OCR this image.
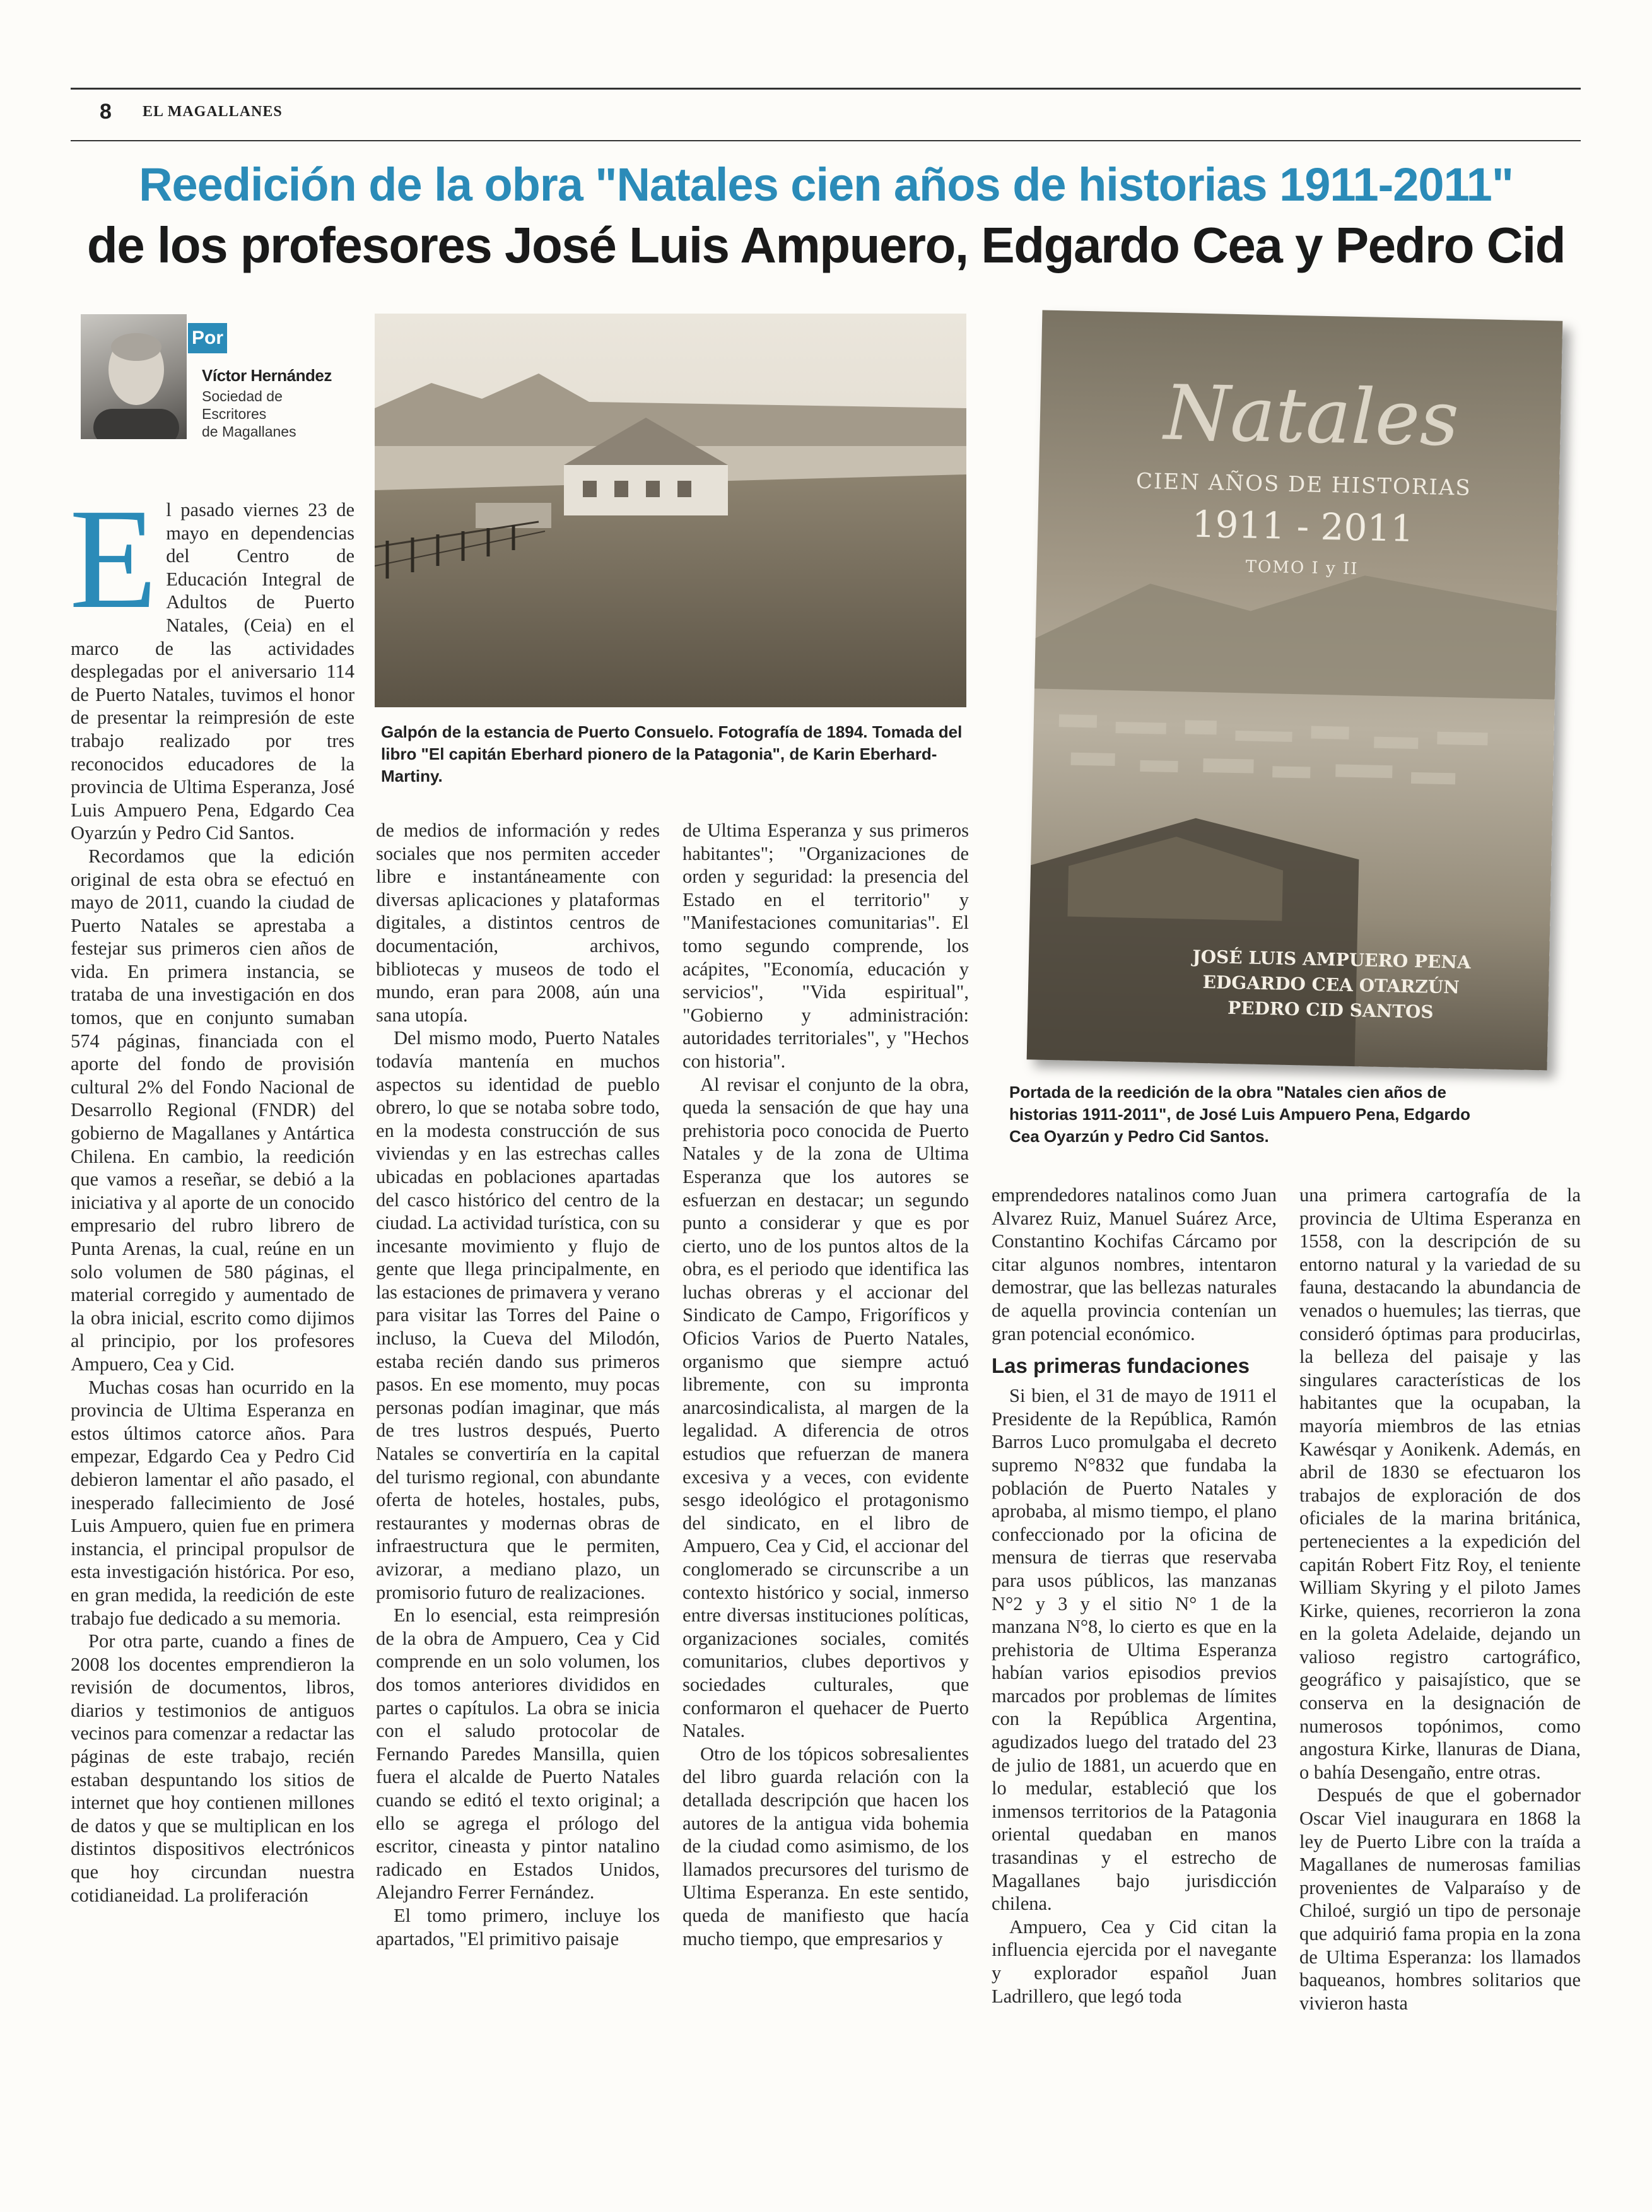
8 EL MAGALLANES
Reedición de la obra "Natales cien años de historias 1911-2011"
de los profesores José Luis Ampuero, Edgardo Cea y Pedro Cid
Por
Víctor Hernández
Sociedad de
Escritores
de Magallanes
Galpón de la estancia de Puerto Consuelo. Fotografía de 1894. Tomada del libro "El capitán Eberhard pionero de la Patagonia", de Karin Eberhard-Martiny.
Natales
CIEN AÑOS DE HISTORIAS
1911 - 2011
TOMO I y II
JOSÉ LUIS AMPUERO PENA
EDGARDO CEA OTARZÚN
PEDRO CID SANTOS
Portada de la reedición de la obra "Natales cien años de historias 1911-2011", de José Luis Ampuero Pena, Edgardo Cea Oyarzún y Pedro Cid Santos.

El pasado viernes 23 de mayo en dependencias del Centro de Educación Integral de Adultos de Puerto Natales, (Ceia) en el marco de las actividades desplegadas por el aniversario 114 de Puerto Natales, tuvimos el honor de presentar la reimpresión de este trabajo realizado por tres reconocidos educadores de la provincia de Ultima Esperanza, José Luis Ampuero Pena, Edgardo Cea Oyarzún y Pedro Cid Santos.

Recordamos que la edición original de esta obra se efectuó en mayo de 2011, cuando la ciudad de Puerto Natales se aprestaba a festejar sus primeros cien años de vida. En primera instancia, se trataba de una investigación en dos tomos, que en conjunto sumaban 574 páginas, financiada con el aporte del fondo de provisión cultural 2% del Fondo Nacional de Desarrollo Regional (FNDR) del gobierno de Magallanes y Antártica Chilena. En cambio, la reedición que vamos a reseñar, se debió a la iniciativa y al aporte de un conocido empresario del rubro librero de Punta Arenas, la cual, reúne en un solo volumen de 580 páginas, el material corregido y aumentado de la obra inicial, escrito como dijimos al principio, por los profesores Ampuero, Cea y Cid.

Muchas cosas han ocurrido en la provincia de Ultima Esperanza en estos últimos catorce años. Para empezar, Edgardo Cea y Pedro Cid debieron lamentar el año pasado, el inesperado fallecimiento de José Luis Ampuero, quien fue en primera instancia, el principal propulsor de esta investigación histórica. Por eso, en gran medida, la reedición de este trabajo fue dedicado a su memoria.

Por otra parte, cuando a fines de 2008 los docentes emprendieron la revisión de documentos, libros, diarios y testimonios de antiguos vecinos para comenzar a redactar las páginas de este trabajo, recién estaban despuntando los sitios de internet que hoy contienen millones de datos y que se multiplican en los distintos dispositivos electrónicos que hoy circundan nuestra cotidianeidad. La proliferación

de medios de información y redes sociales que nos permiten acceder libre e instantáneamente con diversas aplicaciones y plataformas digitales, a distintos centros de documentación, archivos, bibliotecas y museos de todo el mundo, eran para 2008, aún una sana utopía.

Del mismo modo, Puerto Natales todavía mantenía en muchos aspectos su identidad de pueblo obrero, lo que se notaba sobre todo, en la modesta construcción de sus viviendas y en las estrechas calles ubicadas en poblaciones apartadas del casco histórico del centro de la ciudad. La actividad turística, con su incesante movimiento y flujo de gente que llega principalmente, en las estaciones de primavera y verano para visitar las Torres del Paine o incluso, la Cueva del Milodón, estaba recién dando sus primeros pasos. En ese momento, muy pocas personas podían imaginar, que más de tres lustros después, Puerto Natales se convertiría en la capital del turismo regional, con abundante oferta de hoteles, hostales, pubs, restaurantes y modernas obras de infraestructura que le permiten, avizorar, a mediano plazo, un promisorio futuro de realizaciones.

En lo esencial, esta reimpresión de la obra de Ampuero, Cea y Cid comprende en un solo volumen, los dos tomos anteriores divididos en partes o capítulos. La obra se inicia con el saludo protocolar de Fernando Paredes Mansilla, quien fuera el alcalde de Puerto Natales cuando se editó el texto original; a ello se agrega el prólogo del escritor, cineasta y pintor natalino radicado en Estados Unidos, Alejandro Ferrer Fernández.

El tomo primero, incluye los apartados, "El primitivo paisaje

de Ultima Esperanza y sus primeros habitantes"; "Organizaciones de orden y seguridad: la presencia del Estado en el territorio" y "Manifestaciones comunitarias". El tomo segundo comprende, los acápites, "Economía, educación y servicios", "Vida espiritual", "Gobierno y administración: autoridades territoriales", y "Hechos con historia".

Al revisar el conjunto de la obra, queda la sensación de que hay una prehistoria poco conocida de Puerto Natales y de la zona de Ultima Esperanza que los autores se esfuerzan en destacar; un segundo punto a considerar y que es por cierto, uno de los puntos altos de la obra, es el periodo que identifica las luchas obreras y el accionar del Sindicato de Campo, Frigoríficos y Oficios Varios de Puerto Natales, organismo que siempre actuó libremente, con su impronta anarcosindicalista, al margen de la legalidad. A diferencia de otros estudios que refuerzan de manera excesiva y a veces, con evidente sesgo ideológico el protagonismo del sindicato, en el libro de Ampuero, Cea y Cid, el accionar del conglomerado se circunscribe a un contexto histórico y social, inmerso entre diversas instituciones políticas, organizaciones sociales, comités comunitarios, clubes deportivos y sociedades culturales, que conformaron el quehacer de Puerto Natales.

Otro de los tópicos sobresalientes del libro guarda relación con la detallada descripción que hacen los autores de la antigua vida bohemia de la ciudad como asimismo, de los llamados precursores del turismo de Ultima Esperanza. En este sentido, queda de manifiesto que hacía mucho tiempo, que empresarios y

emprendedores natalinos como Juan Alvarez Ruiz, Manuel Suárez Arce, Constantino Kochifas Cárcamo por citar algunos nombres, intentaron demostrar, que las bellezas naturales de aquella provincia contenían un gran potencial económico.

Las primeras fundaciones

Si bien, el 31 de mayo de 1911 el Presidente de la República, Ramón Barros Luco promulgaba el decreto supremo N°832 que fundaba la población de Puerto Natales y aprobaba, al mismo tiempo, el plano confeccionado por la oficina de mensura de tierras que reservaba para usos públicos, las manzanas N°2 y 3 y el sitio N° 1 de la manzana N°8, lo cierto es que en la prehistoria de Ultima Esperanza habían varios episodios previos marcados por problemas de límites con la República Argentina, agudizados luego del tratado del 23 de julio de 1881, un acuerdo que en lo medular, estableció que los inmensos territorios de la Patagonia oriental quedaban en manos trasandinas y el estrecho de Magallanes bajo jurisdicción chilena.

Ampuero, Cea y Cid citan la influencia ejercida por el navegante y explorador español Juan Ladrillero, que legó toda

una primera cartografía de la provincia de Ultima Esperanza en 1558, con la descripción de su entorno natural y la variedad de su fauna, destacando la abundancia de venados o huemules; las tierras, que consideró óptimas para producirlas, la belleza del paisaje y las singulares características de los habitantes que la ocupaban, la mayoría miembros de las etnias Kawésqar y Aonikenk. Además, en abril de 1830 se efectuaron los trabajos de exploración de dos oficiales de la marina británica, pertenecientes a la expedición del capitán Robert Fitz Roy, el teniente William Skyring y el piloto James Kirke, quienes, recorrieron la zona en la goleta Adelaide, dejando un valioso registro cartográfico, geográfico y paisajístico, que se conserva en la designación de numerosos topónimos, como angostura Kirke, llanuras de Diana, o bahía Desengaño, entre otras.

Después de que el gobernador Oscar Viel inaugurara en 1868 la ley de Puerto Libre con la traída a Magallanes de numerosas familias provenientes de Valparaíso y de Chiloé, surgió un tipo de personaje que adquirió fama propia en la zona de Ultima Esperanza: los llamados baqueanos, hombres solitarios que vivieron hasta
